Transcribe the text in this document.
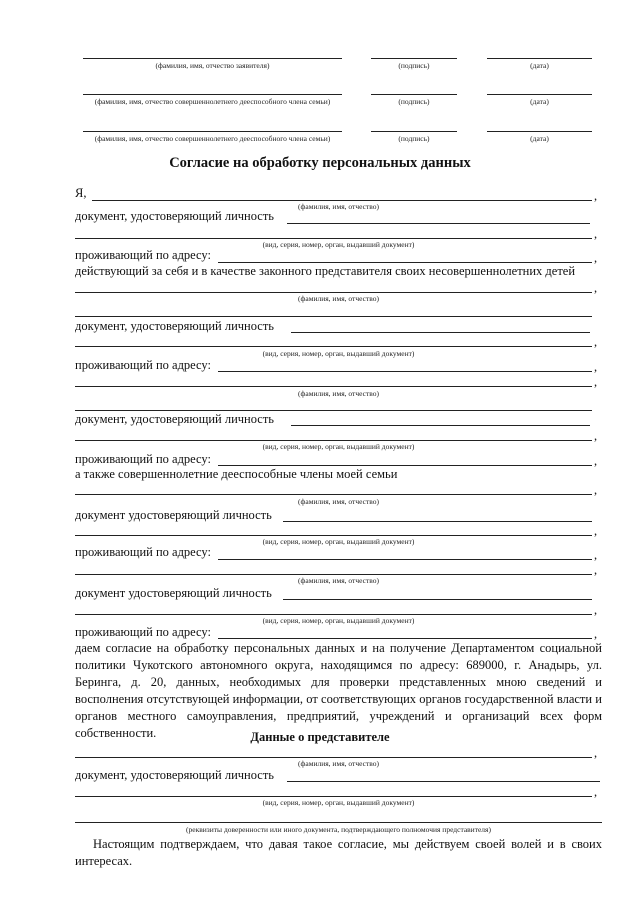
(фамилия, имя, отчество заявителя)	(подпись)	(дата)
(фамилия, имя, отчество совершеннолетнего дееспособного члена семьи)	(подпись)	(дата)
(фамилия, имя, отчество совершеннолетнего дееспособного члена семьи)	(подпись)	(дата)
Согласие на обработку персональных данных
Я,	,
(фамилия, имя, отчество)
документ, удостоверяющий личность
,
(вид, серия, номер, орган, выдавший документ)
проживающий по адресу:	,
действующий за себя и в качестве законного представителя своих несовершеннолетних детей
,
(фамилия, имя, отчество)
документ, удостоверяющий личность
,
(вид, серия, номер, орган, выдавший документ)
проживающий по адресу:	,
,
(фамилия, имя, отчество)
документ, удостоверяющий личность
,
(вид, серия, номер, орган, выдавший документ)
проживающий по адресу:	,
а также совершеннолетние дееспособные члены моей семьи
,
(фамилия, имя, отчество)
документ удостоверяющий личность
,
(вид, серия, номер, орган, выдавший документ)
проживающий по адресу:	,
,
(фамилия, имя, отчество)
документ удостоверяющий личность
,
(вид, серия, номер, орган, выдавший документ)
проживающий по адресу:	,
даем согласие на обработку персональных данных и на получение Департаментом социальной политики Чукотского автономного округа, находящимся по адресу: 689000, г. Анадырь, ул. Беринга, д. 20, данных, необходимых для проверки представленных мною сведений и восполнения отсутствующей информации, от соответствующих органов государственной власти и органов местного самоуправления, предприятий, учреждений и организаций всех форм собственности.	Данные о представителе
,
(фамилия, имя, отчество)
документ, удостоверяющий личность
,
(вид, серия, номер, орган, выдавший документ)
(реквизиты доверенности или иного документа, подтверждающего полномочия представителя)
Настоящим подтверждаем, что давая такое согласие, мы действуем своей волей и в своих интересах.
